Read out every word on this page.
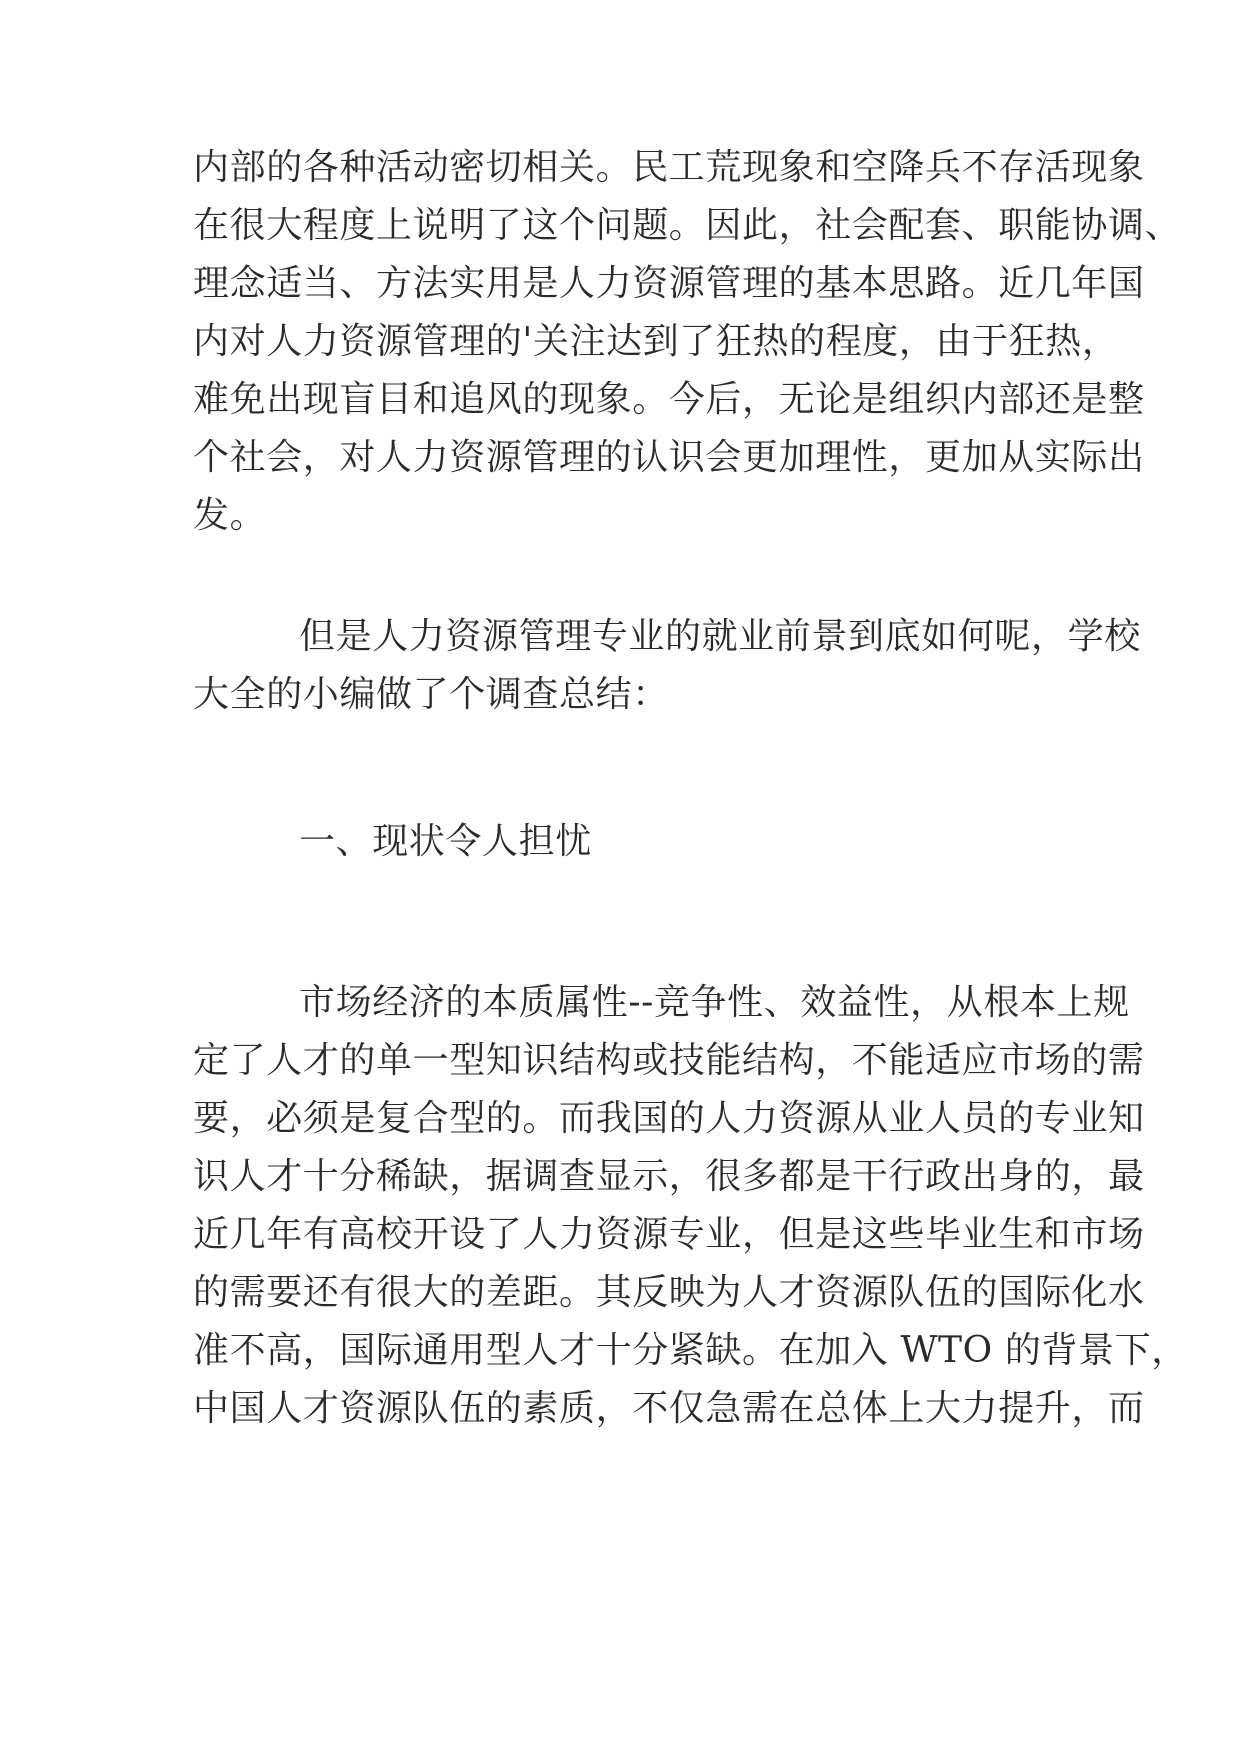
内部的各种活动密切相关。民工荒现象和空降兵不存活现象
在很大程度上说明了这个问题。因此，社会配套、职能协调、
理念适当、方法实用是人力资源管理的基本思路。近几年国
内对人力资源管理的'关注达到了狂热的程度，由于狂热，
难免出现盲目和追风的现象。今后，无论是组织内部还是整
个社会，对人力资源管理的认识会更加理性，更加从实际出
发。
但是人力资源管理专业的就业前景到底如何呢，学校
大全的小编做了个调查总结：
一、现状令人担忧
市场经济的本质属性--竞争性、效益性，从根本上规
定了人才的单一型知识结构或技能结构，不能适应市场的需
要，必须是复合型的。而我国的人力资源从业人员的专业知
识人才十分稀缺，据调查显示，很多都是干行政出身的，最
近几年有高校开设了人力资源专业，但是这些毕业生和市场
的需要还有很大的差距。其反映为人才资源队伍的国际化水
准不高，国际通用型人才十分紧缺。在加入 WTO 的背景下，
中国人才资源队伍的素质，不仅急需在总体上大力提升，而
